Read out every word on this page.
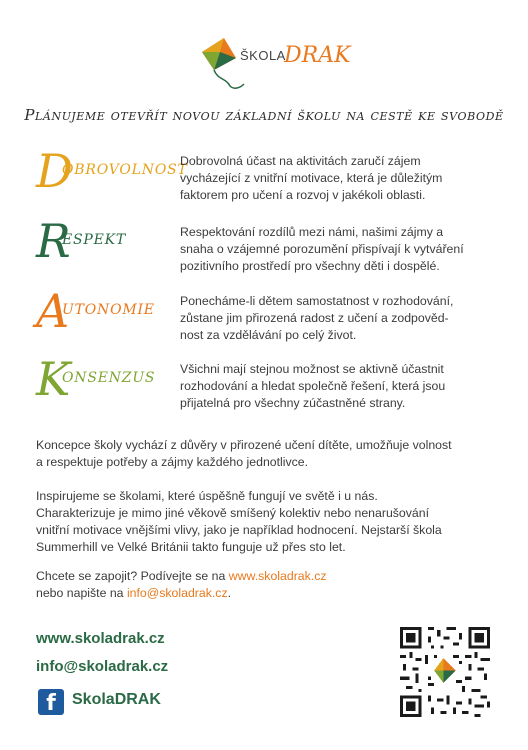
ŠKOLA
DRAK
Plánujeme otevřít novou základní školu na cestě ke svobodě
D
OBROVOLNOST
Dobrovolná účast na aktivitách zaručí zájem
vycházející z vnitřní motivace, která je důležitým
faktorem pro učení a rozvoj v jakékoli oblasti.
R
ESPEKT	Respektování rozdílů mezi námi, našimi zájmy a
snaha o vzájemné porozumění přispívají k vytváření
pozitivního prostředí pro všechny děti i dospělé.
A
UTONOMIE
Ponecháme-li dětem samostatnost v rozhodování,
zůstane jim přirozená radost z učení a zodpověd-
nost za vzdělávání po celý život.
K
ONSENZUS
Všichni mají stejnou možnost se aktivně účastnit
rozhodování a hledat společně řešení, která jsou
přijatelná pro všechny zúčastněné strany.
Koncepce školy vychází z důvěry v přirozené učení dítěte, umožňuje volnost
a respektuje potřeby a zájmy každého jednotlivce.
Inspirujeme se školami, které úspěšně fungují ve světě i u nás.
Charakterizuje je mimo jiné věkově smíšený kolektiv nebo nenarušování
vnitřní motivace vnějšími vlivy, jako je například hodnocení. Nejstarší škola
Summerhill ve Velké Británii takto funguje už přes sto let.
Chcete se zapojit? Podívejte se na www.skoladrak.cz
nebo napište na info@skoladrak.cz.
www.skoladrak.cz
info@skoladrak.cz
f	SkolaDRAK
